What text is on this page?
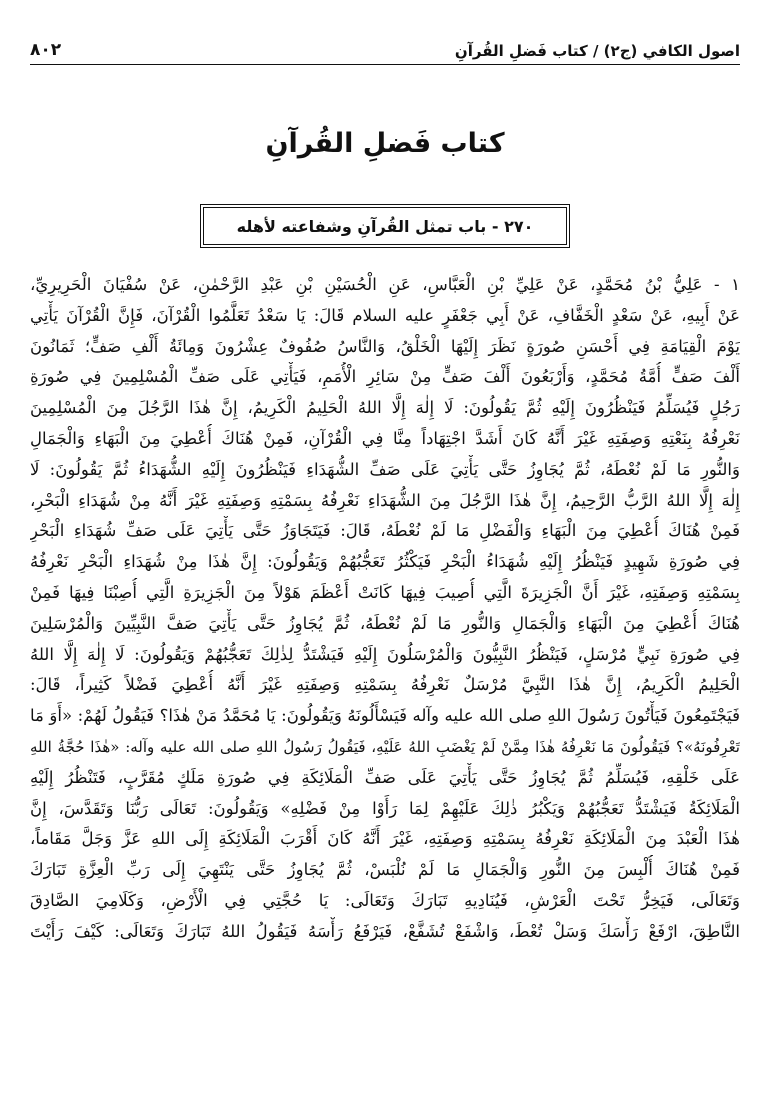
اصول الكافي (ج٢) / كتاب فَضلِ القُرآنِ
٨٠٢
كتاب فَضلِ القُرآنِ
٢٧٠ - باب تمثل القُرآنِ وشفاعته لأهله
١ - عَلِيُّ بْنُ مُحَمَّدٍ، عَنْ عَلِيِّ بْنِ الْعَبَّاسِ، عَنِ الْحُسَيْنِ بْنِ عَبْدِ الرَّحْمٰنِ، عَنْ سُفْيَانَ الْحَرِيرِيِّ،
عَنْ أَبِيهِ، عَنْ سَعْدٍ الْخَفَّافِ، عَنْ أَبِي جَعْفَرٍ عليه السلام قَالَ: يَا سَعْدُ تَعَلَّمُوا الْقُرْآنَ، فَإِنَّ الْقُرْآنَ يَأْتِي
يَوْمَ الْقِيَامَةِ فِي أَحْسَنِ صُورَةٍ نَظَرَ إِلَيْهَا الْخَلْقُ، وَالنَّاسُ صُفُوفٌ عِشْرُونَ وَمِائَةُ أَلْفِ صَفٍّ؛ ثَمَانُونَ
أَلْفَ صَفٍّ أُمَّةُ مُحَمَّدٍ، وَأَرْبَعُونَ أَلْفَ صَفٍّ مِنْ سَائِرِ الْأُمَمِ، فَيَأْتِي عَلَى صَفِّ الْمُسْلِمِينَ فِي صُورَةِ
رَجُلٍ فَيُسَلِّمُ فَيَنْظُرُونَ إِلَيْهِ ثُمَّ يَقُولُونَ: لَا إِلٰهَ إِلَّا اللهُ الْحَلِيمُ الْكَرِيمُ، إِنَّ هٰذَا الرَّجُلَ مِنَ الْمُسْلِمِينَ
نَعْرِفُهُ بِنَعْتِهِ وَصِفَتِهِ غَيْرَ أَنَّهُ كَانَ أَشَدَّ اجْتِهَاداً مِنَّا فِي الْقُرْآنِ، فَمِنْ هُنَاكَ أُعْطِيَ مِنَ الْبَهَاءِ وَالْجَمَالِ
وَالنُّورِ مَا لَمْ نُعْطَهُ، ثُمَّ يُجَاوِزُ حَتَّى يَأْتِيَ عَلَى صَفِّ الشُّهَدَاءِ فَيَنْظُرُونَ إِلَيْهِ الشُّهَدَاءُ ثُمَّ يَقُولُونَ: لَا
إِلٰهَ إِلَّا اللهُ الرَّبُّ الرَّحِيمُ، إِنَّ هٰذَا الرَّجُلَ مِنَ الشُّهَدَاءِ نَعْرِفُهُ بِسَمْتِهِ وَصِفَتِهِ غَيْرَ أَنَّهُ مِنْ شُهَدَاءِ الْبَحْرِ،
فَمِنْ هُنَاكَ أُعْطِيَ مِنَ الْبَهَاءِ وَالْفَضْلِ مَا لَمْ نُعْطَهُ، قَالَ: فَيَتَجَاوَزُ حَتَّى يَأْتِيَ عَلَى صَفِّ شُهَدَاءِ الْبَحْرِ
فِي صُورَةِ شَهِيدٍ فَيَنْظُرُ إِلَيْهِ شُهَدَاءُ الْبَحْرِ فَيَكْثُرُ تَعَجُّبُهُمْ وَيَقُولُونَ: إِنَّ هٰذَا مِنْ شُهَدَاءِ الْبَحْرِ نَعْرِفُهُ
بِسَمْتِهِ وَصِفَتِهِ، غَيْرَ أَنَّ الْجَزِيرَةَ الَّتِي أُصِيبَ فِيهَا كَانَتْ أَعْظَمَ هَوْلاً مِنَ الْجَزِيرَةِ الَّتِي أُصِبْنَا فِيهَا فَمِنْ
هُنَاكَ أُعْطِيَ مِنَ الْبَهَاءِ وَالْجَمَالِ وَالنُّورِ مَا لَمْ نُعْطَهُ، ثُمَّ يُجَاوِزُ حَتَّى يَأْتِيَ صَفَّ النَّبِيِّينَ وَالْمُرْسَلِينَ
فِي صُورَةِ نَبِيٍّ مُرْسَلٍ، فَيَنْظُرُ النَّبِيُّونَ وَالْمُرْسَلُونَ إِلَيْهِ فَيَشْتَدُّ لِذٰلِكَ تَعَجُّبُهُمْ وَيَقُولُونَ: لَا إِلٰهَ إِلَّا اللهُ
الْحَلِيمُ الْكَرِيمُ، إِنَّ هٰذَا النَّبِيَّ مُرْسَلٌ نَعْرِفُهُ بِسَمْتِهِ وَصِفَتِهِ غَيْرَ أَنَّهُ أُعْطِيَ فَضْلاً كَثِيراً، قَالَ:
فَيَجْتَمِعُونَ فَيَأْتُونَ رَسُولَ اللهِ صلى الله عليه وآله فَيَسْأَلُونَهُ وَيَقُولُونَ: يَا مُحَمَّدُ مَنْ هٰذَا؟ فَيَقُولُ لَهُمْ: «أَوَ مَا
تَعْرِفُونَهُ»؟ فَيَقُولُونَ مَا نَعْرِفُهُ هٰذَا مِمَّنْ لَمْ يَغْضَبِ اللهُ عَلَيْهِ، فَيَقُولُ رَسُولُ اللهِ صلى الله عليه وآله: «هٰذَا حُجَّةُ اللهِ
عَلَى خَلْقِهِ، فَيُسَلِّمُ ثُمَّ يُجَاوِزُ حَتَّى يَأْتِيَ عَلَى صَفِّ الْمَلَائِكَةِ فِي صُورَةِ مَلَكٍ مُقَرَّبٍ، فَتَنْظُرُ إِلَيْهِ
الْمَلَائِكَةُ فَيَشْتَدُّ تَعَجُّبُهُمْ وَيَكْبُرُ ذٰلِكَ عَلَيْهِمْ لِمَا رَأَوْا مِنْ فَضْلِهِ» وَيَقُولُونَ: تَعَالَى رَبُّنَا وَتَقَدَّسَ، إِنَّ
هٰذَا الْعَبْدَ مِنَ الْمَلَائِكَةِ نَعْرِفُهُ بِسَمْتِهِ وَصِفَتِهِ، غَيْرَ أَنَّهُ كَانَ أَقْرَبَ الْمَلَائِكَةِ إِلَى اللهِ عَزَّ وَجَلَّ مَقَاماً،
فَمِنْ هُنَاكَ أُلْبِسَ مِنَ النُّورِ وَالْجَمَالِ مَا لَمْ نُلْبَسْ، ثُمَّ يُجَاوِزُ حَتَّى يَنْتَهِيَ إِلَى رَبِّ الْعِزَّةِ تَبَارَكَ
وَتَعَالَى، فَيَخِرُّ تَحْتَ الْعَرْشِ، فَيُنَادِيهِ تَبَارَكَ وَتَعَالَى: يَا حُجَّتِي فِي الْأَرْضِ، وَكَلَامِيَ الصَّادِقَ
النَّاطِقَ، ارْفَعْ رَأْسَكَ وَسَلْ تُعْطَ، وَاشْفَعْ تُشَفَّعْ، فَيَرْفَعُ رَأْسَهُ فَيَقُولُ اللهُ تَبَارَكَ وَتَعَالَى: كَيْفَ رَأَيْتَ
